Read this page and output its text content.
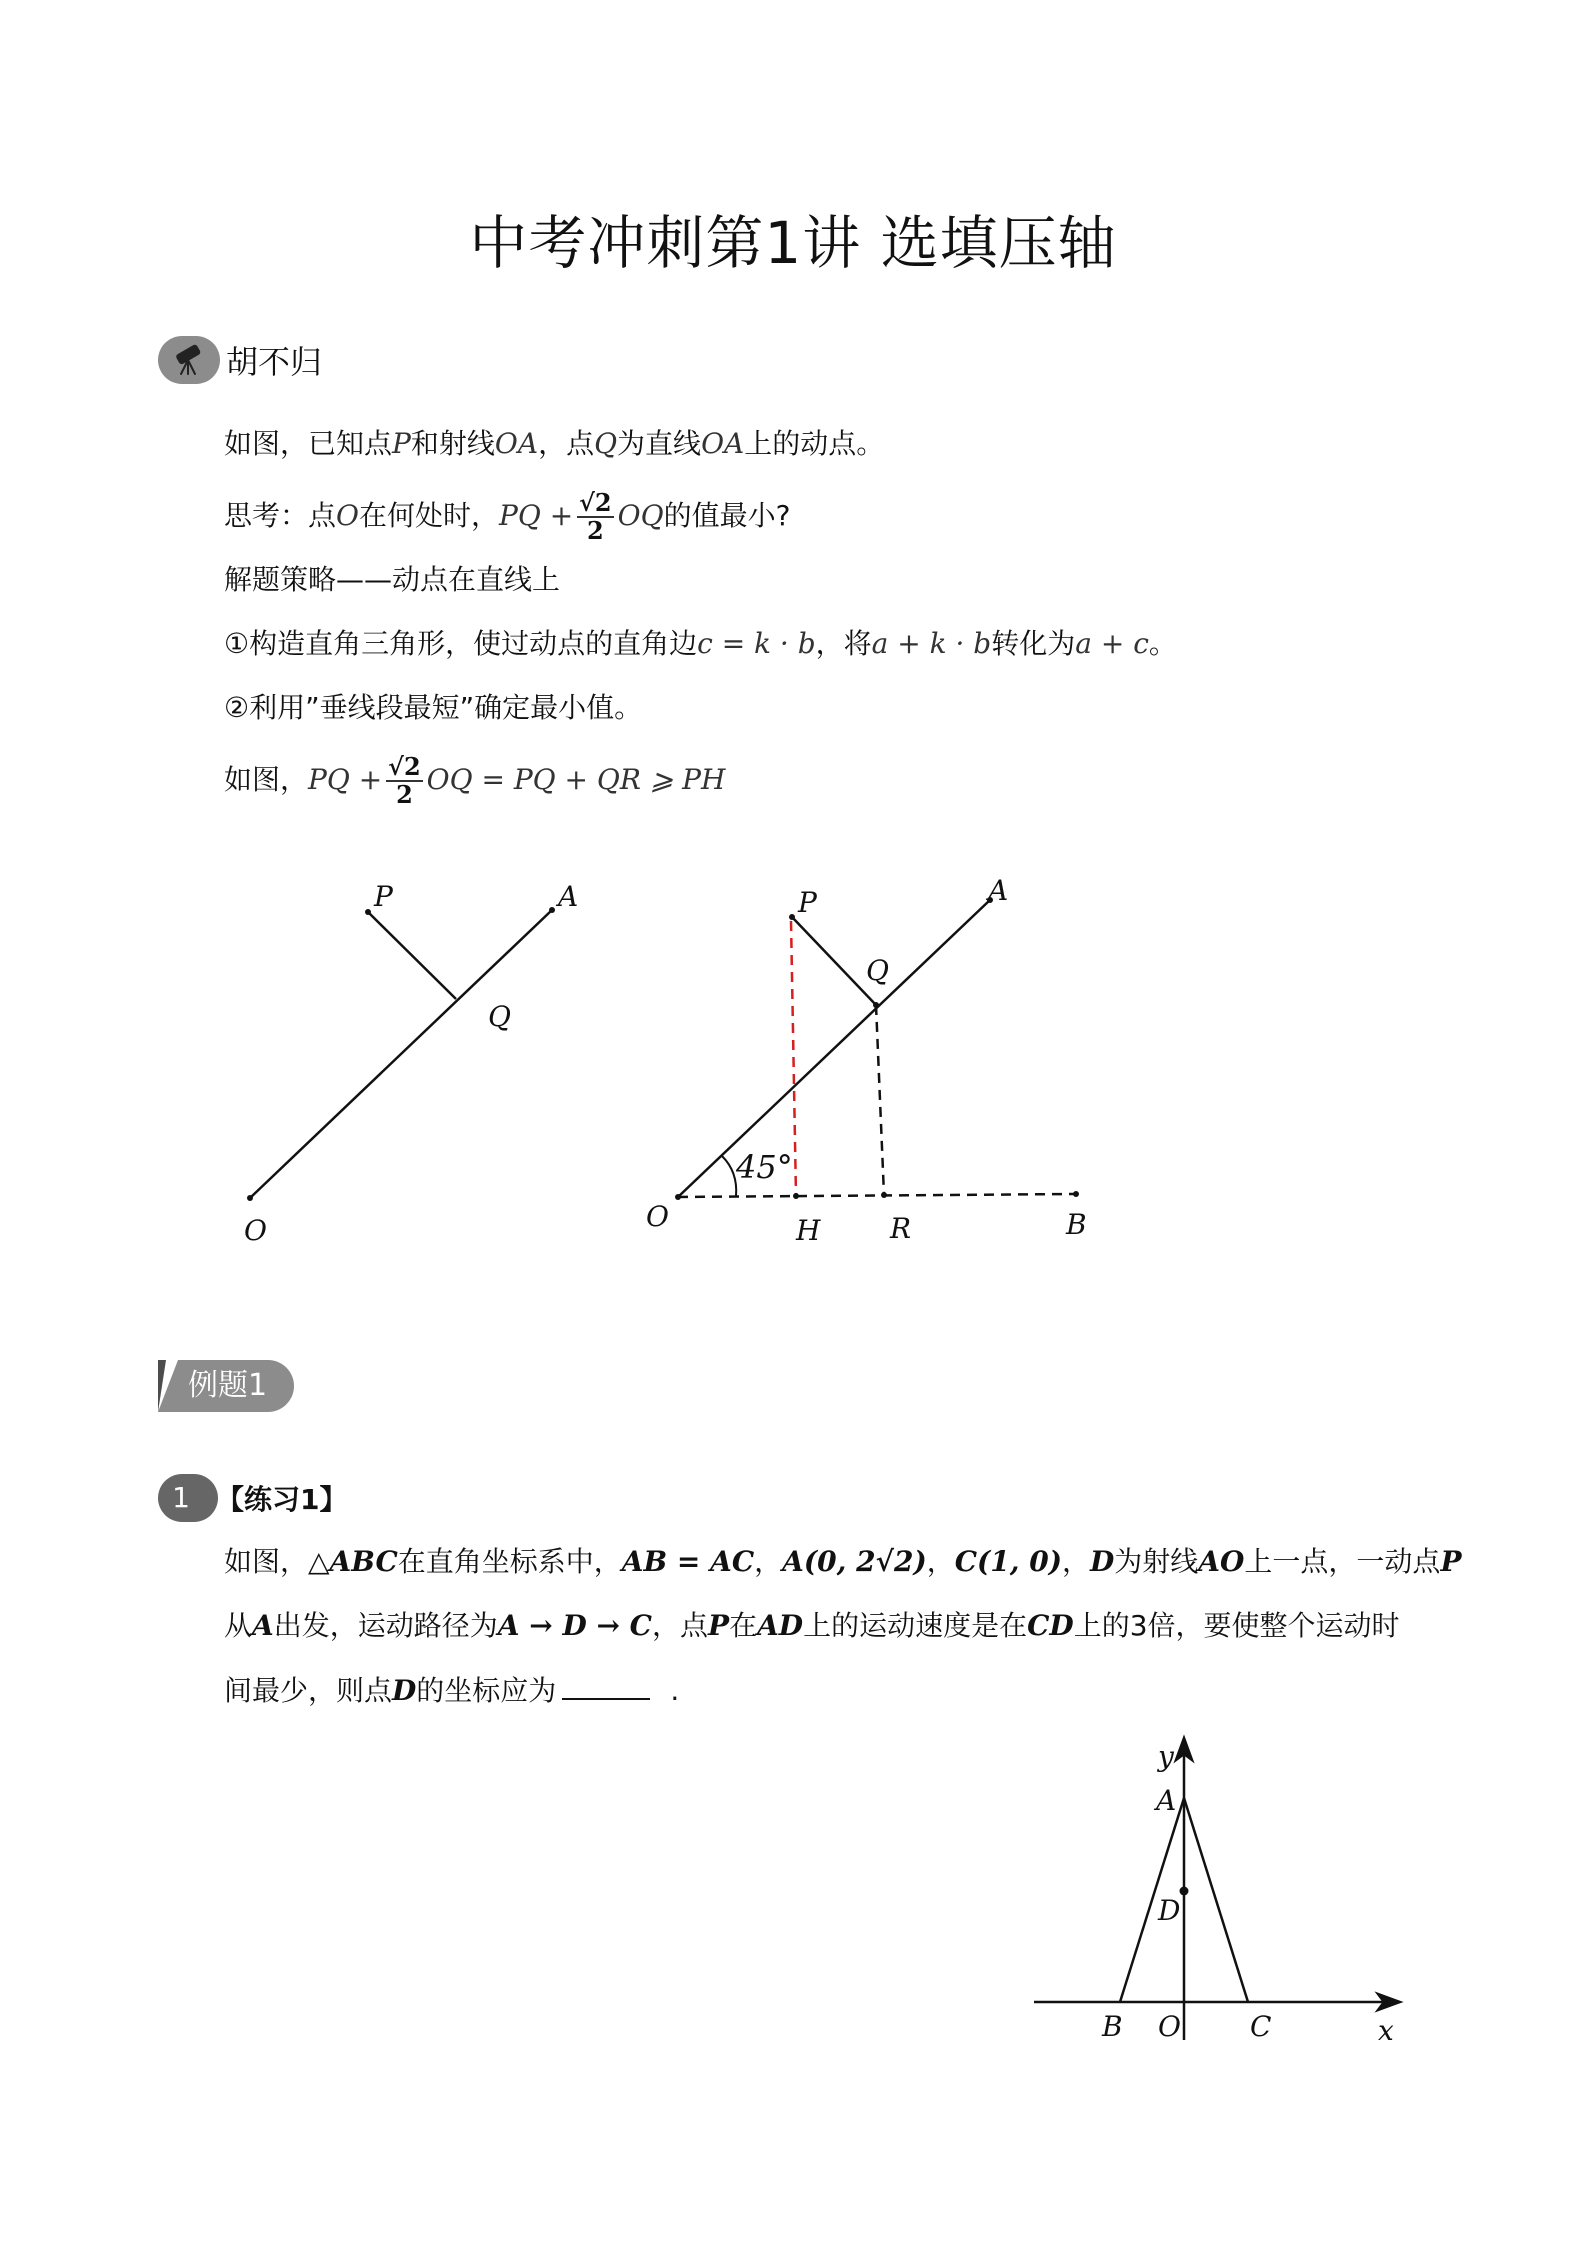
中考冲刺第1讲 选填压轴
胡不归
如图，已知点P和射线OA，点Q为直线OA上的动点。
思考：点O在何处时，PQ + $\frac{√2}{2}$ OQ的值最小?
解题策略——动点在直线上
①构造直角三角形，使过动点的直角边c = k · b，将a + k · b转化为a + c。
②利用”垂线段最短”确定最小值。
如图，PQ + $\frac{√2}{2}$ OQ = PQ + QR ⩾ PH
P	A
Q
O
P	A
Q
O	H R	B
45°
y
A
D
B O C	x
例题1
1 【练习1】
如图，△ABC在直角坐标系中，AB = AC，A(0, 2√2)，C(1, 0)，D为射线AO上一点，一动点P
从A出发，运动路径为A → D → C，点P在AD上的运动速度是在CD上的3倍，要使整个运动时
间最少，则点D的坐标应为	.
